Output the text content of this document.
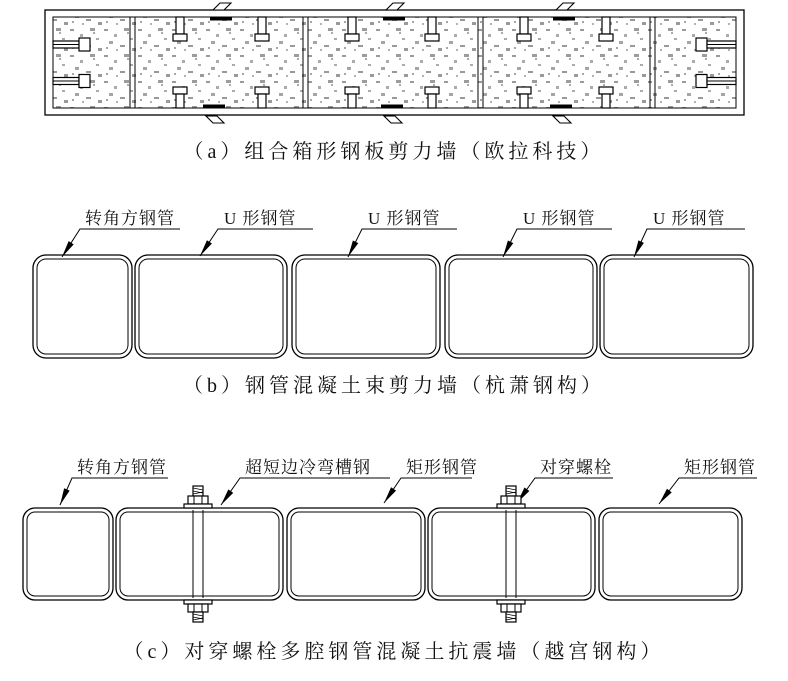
（a）组合箱形钢板剪力墙（欧拉科技）
转角方钢管	U 形钢管	U 形钢管	U 形钢管	U 形钢管
（b）钢管混凝土束剪力墙（杭萧钢构）
转角方钢管	超短边冷弯槽钢 矩形钢管	对穿螺栓	矩形钢管
（c）对穿螺栓多腔钢管混凝土抗震墙（越宫钢构）
